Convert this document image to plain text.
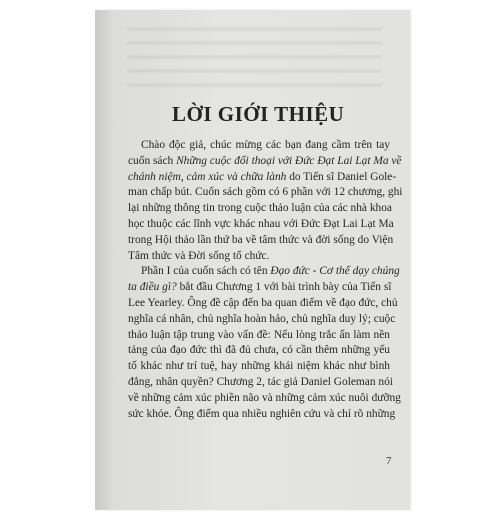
LỜI GIỚI THIỆU
Chào độc giả, chúc mừng các bạn đang cầm trên tay
cuốn sách Những cuộc đối thoại với Đức Đạt Lai Lạt Ma về
chánh niệm, cảm xúc và chữa lành do Tiến sĩ Daniel Gole-
man chấp bút. Cuốn sách gồm có 6 phần với 12 chương, ghi
lại những thông tin trong cuộc thảo luận của các nhà khoa
học thuộc các lĩnh vực khác nhau với Đức Đạt Lai Lạt Ma
trong Hội thảo lần thứ ba về tâm thức và đời sống do Viện
Tâm thức và Đời sống tổ chức.
Phần I của cuốn sách có tên Đạo đức - Cơ thể dạy chúng
ta điều gì? bắt đầu Chương 1 với bài trình bày của Tiến sĩ
Lee Yearley. Ông đề cập đến ba quan điểm về đạo đức, chủ
nghĩa cá nhân, chủ nghĩa hoàn hảo, chủ nghĩa duy lý; cuộc
thảo luận tập trung vào vấn đề: Nếu lòng trắc ẩn làm nền
tảng của đạo đức thì đã đủ chưa, có cần thêm những yếu
tố khác như trí tuệ, hay những khái niệm khác như bình
đẳng, nhân quyền? Chương 2, tác giả Daniel Goleman nói
về những cảm xúc phiền não và những cảm xúc nuôi dưỡng
sức khỏe. Ông điểm qua nhiều nghiên cứu và chỉ rõ những
7
